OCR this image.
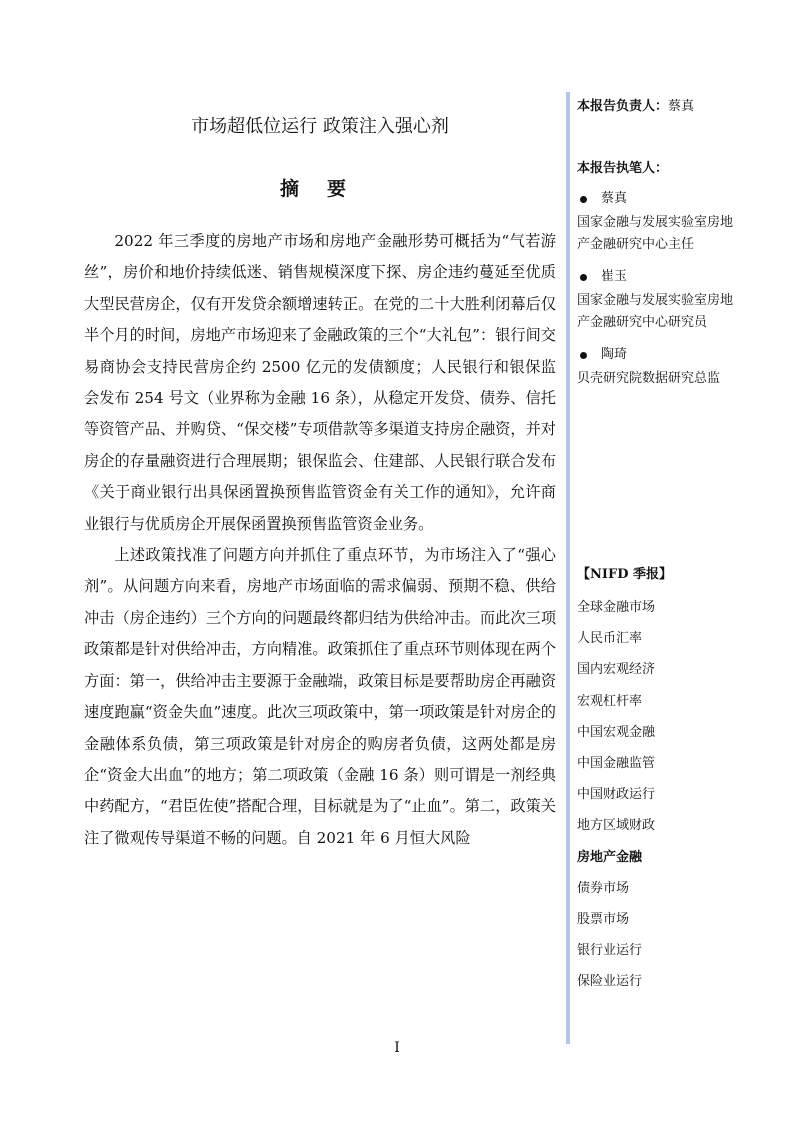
市场超低位运行 政策注入强心剂
摘要

2022 年三季度的房地产市场和房地产金融形势可概括为“气若游丝”，房价和地价持续低迷、销售规模深度下探、房企违约蔓延至优质大型民营房企，仅有开发贷余额增速转正。在党的二十大胜利闭幕后仅半个月的时间，房地产市场迎来了金融政策的三个“大礼包”：银行间交易商协会支持民营房企约 2500 亿元的发债额度；人民银行和银保监会发布 254 号文（业界称为金融 16 条），从稳定开发贷、债券、信托等资管产品、并购贷、“保交楼”专项借款等多渠道支持房企融资，并对房企的存量融资进行合理展期；银保监会、住建部、人民银行联合发布《关于商业银行出具保函置换预售监管资金有关工作的通知》，允许商业银行与优质房企开展保函置换预售监管资金业务。

上述政策找准了问题方向并抓住了重点环节，为市场注入了“强心剂”。从问题方向来看，房地产市场面临的需求偏弱、预期不稳、供给冲击（房企违约）三个方向的问题最终都归结为供给冲击。而此次三项政策都是针对供给冲击，方向精准。政策抓住了重点环节则体现在两个方面：第一，供给冲击主要源于金融端，政策目标是要帮助房企再融资速度跑赢“资金失血”速度。此次三项政策中，第一项政策是针对房企的金融体系负债，第三项政策是针对房企的购房者负债，这两处都是房企“资金大出血”的地方；第二项政策（金融 16 条）则可谓是一剂经典中药配方，“君臣佐使”搭配合理，目标就是为了“止血”。第二，政策关注了微观传导渠道不畅的问题。自 2021 年 6 月恒大风险

本报告负责人：蔡真

本报告执笔人：

蔡真
国家金融与发展实验室房地产金融研究中心主任
崔玉
国家金融与发展实验室房地产金融研究中心研究员
陶琦
贝壳研究院数据研究总监
【NIFD 季报】
全球金融市场
人民币汇率
国内宏观经济
宏观杠杆率
中国宏观金融
中国金融监管
中国财政运行
地方区域财政
房地产金融
债券市场
股票市场
银行业运行
保险业运行
I
